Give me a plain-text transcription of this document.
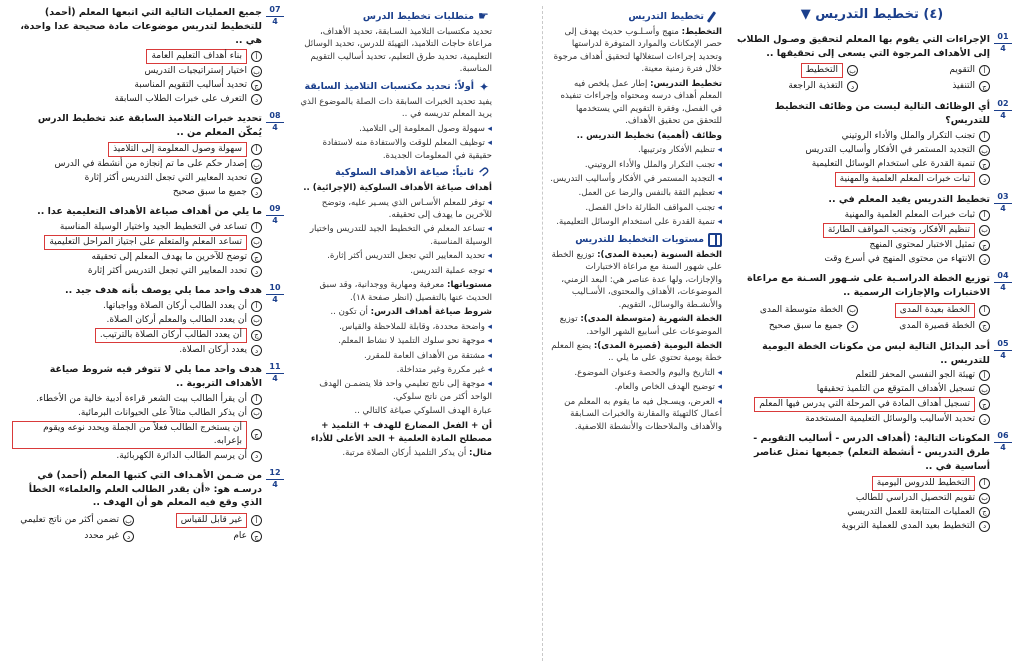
(٤) تخطيط التدريس ▼
01
4
الإجراءات التي يقوم بها المعلم لتحقيق وصـول الطلاب إلى الأهداف المرجوة التي يسعى إلى تحقيقها ..
أ
التقويم
ب
التخطيط
ج
التنفيذ
د
التغذية الراجعة
02
4
أي الوظائف التالية ليست من وظائف التخطيط للتدريس؟
أ
تجنب التكرار والملل والأداء الروتيني
ب
التجديد المستمر في الأفكار وأساليب التدريس
ج
تنمية القدرة على استخدام الوسائل التعليمية
د
ثبات خبرات المعلم العلمية والمهنية
03
4
تخطيط التدريس يفيد المعلم في ..
أ
ثبات خبرات المعلم العلمية والمهنية
ب
تنظيم الأفكار، وتجنب المواقف الطارئة
ج
تمثيل الاختبار لمحتوى المنهج
د
الانتهاء من محتوى المنهج في أسرع وقت
04
4
توزيع الخطة الدراسـية على شـهور السـنة مع مراعاة الاختبارات والإجازات الرسمية ..
أ
الخطة بعيدة المدى
ب
الخطة متوسطة المدى
ج
الخطة قصيرة المدى
د
جميع ما سبق صحيح
05
4
أحد البدائل التالية ليس من مكونات الخطة اليومية للتدريس ..
أ
تهيئة الجو النفسي المحفز للتعلم
ب
تسجيل الأهداف المتوقع من التلميذ تحقيقها
ج
تسجيل أهداف المادة في المرحلة التي يدرس فيها المعلم
د
تحديد الأساليب والوسائل التعليمية المستخدمة
06
4
المكونات التالية: (أهداف الدرس - أساليب التقويم - طرق التدريس - أنشطة التعلم) جميعها تمثل عناصر أساسية في ..
أ
التخطيط للدروس اليومية
ب
تقويم التحصيل الدراسي للطالب
ج
العمليات المتتابعة للعمل التدريسي
د
التخطيط بعيد المدى للعملية التربوية
تخطيط التدريس
التخطيط: منهج وأسـلـوب حديث يهدف إلى حصر الإمكانات والموارد المتوفرة لدراستها وتحديد إجراءات استغلالها لتحقيق أهداف مرجوة خلال فترة زمنية معينة.
تخطيط التدريس: إطار عمل يلخص فيه المعلم أهداف درسه ومحتواه وإجراءات تنفيذه في الفصل، وفقرة التقويم التي يستخدمها للتحقق من تحقيق الأهداف.
وظائف (أهمية) تخطيط التدريس ..
◂ تنظيم الأفكار وترتيبها.
◂ تجنب التكرار والملل والأداء الروتيني.
◂ التجديد المستمر في الأفكار وأساليب التدريس.
◂ تعظيم الثقة بالنفس والرضا عن العمل.
◂ تجنب المواقف الطارئة داخل الفصل.
◂ تنمية القدرة على استخدام الوسائل التعليمية.
مستويات التخطيط للتدريس
الخطة السنوية (بعيدة المدى): توزيع الخطة على شهور السنة مع مراعاة الاختبارات والإجازات، ولها عدة عناصر هي: البعد الزمني، الموضوعات، الأهداف والمحتوى، الأسـاليب والأنشـطة والوسائل، التقويم.
الخطة الشهرية (متوسطة المدى): توزيع الموضوعات على أسابيع الشهر الواحد.
الخطة اليومية (قصيرة المدى): يضع المعلم خطة يومية تحتوي على ما يلي ..
◂ التاريخ واليوم والحصة وعنوان الموضوع.
◂ توضيح الهدف الخاص والعام.
◂ العرض، ويسـجل فيه ما يقوم به المعلم من أعمال كالتهيئة والمقارنة والخبرات السـابقة والأهداف والملاحظات والأنشطة اللاصفية.
☛
متطلبات تخطيط الدرس
تحديد مكتسبات التلاميذ السـابقة، تحديد الأهداف، مراعاة حاجات التلاميذ، التهيئة للدرس، تحديد الوسائل التعليمية، تحديد طرق التعليم، تحديد أساليب التقويم المناسبة.
✦
أولاً: تحديد مكتسبات التلاميذ السابقة
يفيد تحديد الخبرات السابقة ذات الصلة بالموضوع الذي يريد المعلم تدريسه في ..
◂ سهولة وصول المعلومة إلى التلاميذ.
◂ توظيف المعلم للوقت والاستفادة منه لاستفادة حقيقية في المعلومات الجديدة.
⊂
ثانياً: صياغة الأهداف السلوكية
أهداف صياغة الأهداف السلوكية (الإجرائية) ..
◂ توفر للمعلم الأسـاس الذي يسـير عليه، وتوضح للآخرين ما يهدف إلى تحقيقه.
◂ تساعد المعلم في التخطيط الجيد للتدريس واختيار الوسيلة المناسبة.
◂ تحديد المعايير التي تجعل التدريس أكثر إثارة.
◂ توجه عملية التدريس.
مستوياتها: معرفية ومهارية ووجدانية، وقد سبق الحديث عنها بالتفصيل (انظر صفحة ١٨).
شروط صياغة أهداف الدرس: أن تكون ..
◂ واضحة محددة، وقابلة للملاحظة والقياس.
◂ موجهة نحو سلوك التلميذ لا نشاط المعلم.
◂ مشتقة من الأهداف العامة للمقرر.
◂ غير مكررة وغير متداخلة.
◂ موجهة إلى ناتج تعليمي واحد فلا يتضمـن الهدف الواحد أكثر من ناتج سلوكي.
عبارة الهدف السلوكي صياغة كالتالي ..
أن + الفعل المضارع للهدف + التلميذ + مصطلح المادة العلمية + الحد الأعلى للأداء
مثال: أن يذكر التلميذ أركان الصلاة مرتبة.
07
4
جميع العمليات التالية التي اتبعها المعلم (أحمد) للتخطيط لتدريس موضوعات مادة صحيحة عدا واحدة، هي ..
أ
بناء أهداف التعليم العامة
ب
اختيار إستراتيجيات التدريس
ج
تحديد أساليب التقويم المناسبة
د
التعرف على خبرات الطلاب السابقة
08
4
تحديد خبرات التلاميذ السابقة عند تخطيط الدرس يُمكّن المعلم من ..
أ
سهولة وصول المعلومة إلى التلاميذ
ب
إصدار حكم على ما تم إنجازه من أنشطة في الدرس
ج
تحديد المعايير التي تجعل التدريس أكثر إثارة
د
جميع ما سبق صحيح
09
4
ما يلي من أهداف صياغة الأهداف التعليمية عدا ..
أ
تساعد في التخطيط الجيد واختيار الوسيلة المناسبة
ب
تساعد المعلم والمتعلم على اجتياز المراحل التعليمية
ج
توضح للآخرين ما يهدف المعلم إلى تحقيقه
د
تحدد المعايير التي تجعل التدريس أكثر إثارة
10
4
هدف واحد مما يلي يوصف بأنه هدف جيد ..
أ
أن يعدد الطالب أركان الصلاة وواجباتها.
ب
أن يعدد الطالب والمعلم أركان الصلاة.
ج
أن يعدد الطالب أركان الصلاة بالترتيب.
د
يعدد أركان الصلاة.
11
4
هدف واحد مما يلي لا تتوفر فيه شروط صياغة الأهداف التربوية ..
أ
أن يقرأ الطالب بيت الشعر قراءة أدبية خالية من الأخطاء.
ب
أن يذكر الطالب مثالاً على الحيوانات البرمائية.
ج
أن يستخرج الطالب فعلاً من الجملة ويحدد نوعه ويقوم بإعرابه.
د
أن يرسم الطالب الدائرة الكهربائية.
12
4
من ضـمن الأهـداف التي كتبها المعلم (أحمد) في درسـه هو: «أن يقدر الطالب العلم والعلماء» الخطأ الذي وقع فيه المعلم هو أن الهدف ..
أ
غير قابل للقياس
ب
تضمن أكثر من ناتج تعليمي
ج
عام
د
غير محدد
